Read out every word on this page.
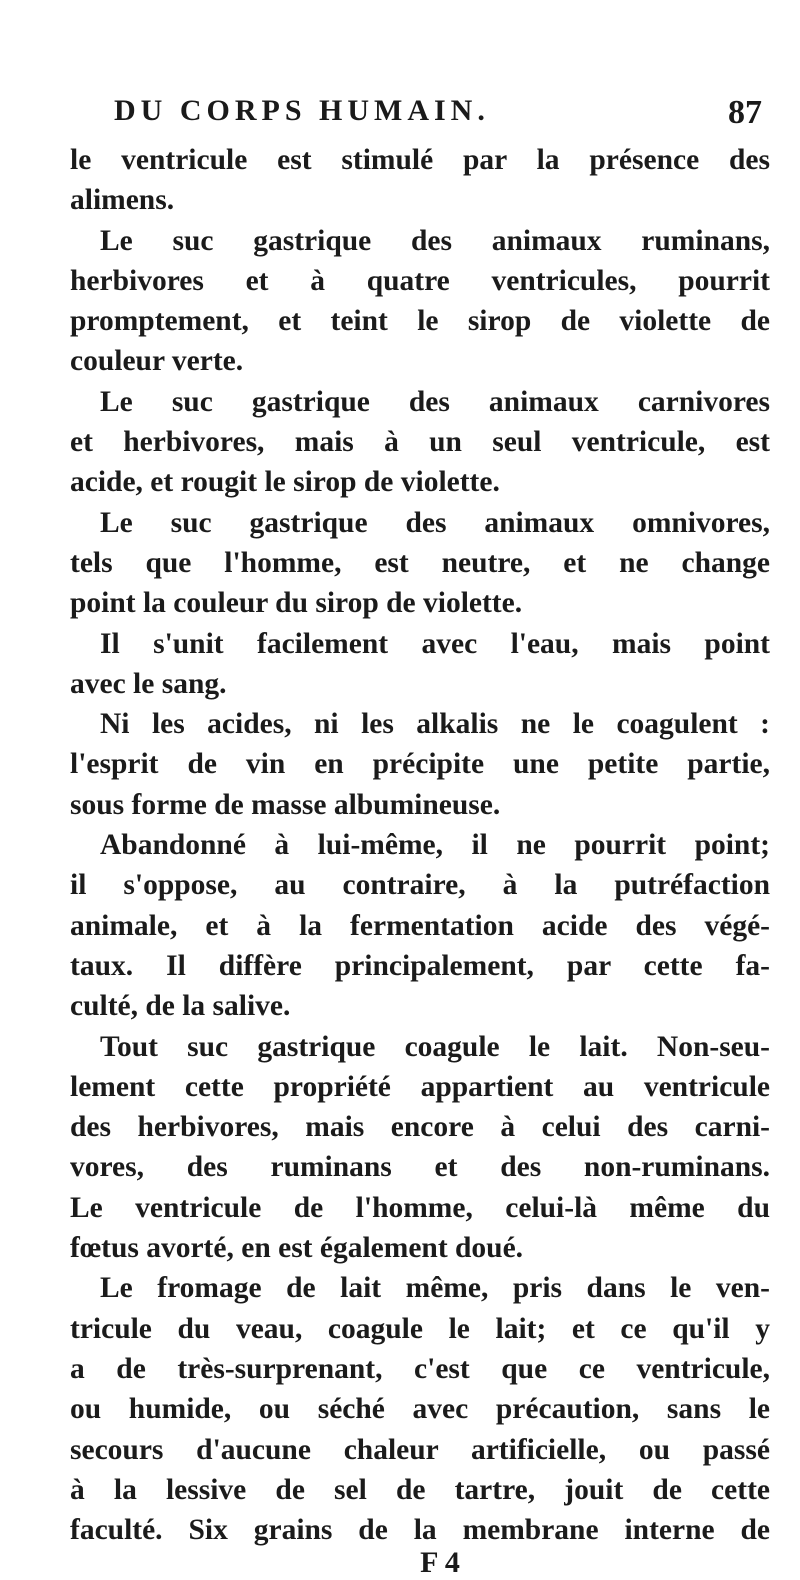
DU CORPS HUMAIN.	87
le ventricule est stimulé par la présence des
alimens.
Le suc gastrique des animaux ruminans,
herbivores et à quatre ventricules, pourrit
promptement, et teint le sirop de violette de
couleur verte.
Le suc gastrique des animaux carnivores
et herbivores, mais à un seul ventricule, est
acide, et rougit le sirop de violette.
Le suc gastrique des animaux omnivores,
tels que l'homme, est neutre, et ne change
point la couleur du sirop de violette.
Il s'unit facilement avec l'eau, mais point
avec le sang.
Ni les acides, ni les alkalis ne le coagulent :
l'esprit de vin en précipite une petite partie,
sous forme de masse albumineuse.
Abandonné à lui-même, il ne pourrit point;
il s'oppose, au contraire, à la putréfaction
animale, et à la fermentation acide des végé-
taux. Il diffère principalement, par cette fa-
culté, de la salive.
Tout suc gastrique coagule le lait. Non-seu-
lement cette propriété appartient au ventricule
des herbivores, mais encore à celui des carni-
vores, des ruminans et des non-ruminans.
Le ventricule de l'homme, celui-là même du
fœtus avorté, en est également doué.
Le fromage de lait même, pris dans le ven-
tricule du veau, coagule le lait; et ce qu'il y
a de très-surprenant, c'est que ce ventricule,
ou humide, ou séché avec précaution, sans le
secours d'aucune chaleur artificielle, ou passé
à la lessive de sel de tartre, jouit de cette
faculté. Six grains de la membrane interne de
F 4
